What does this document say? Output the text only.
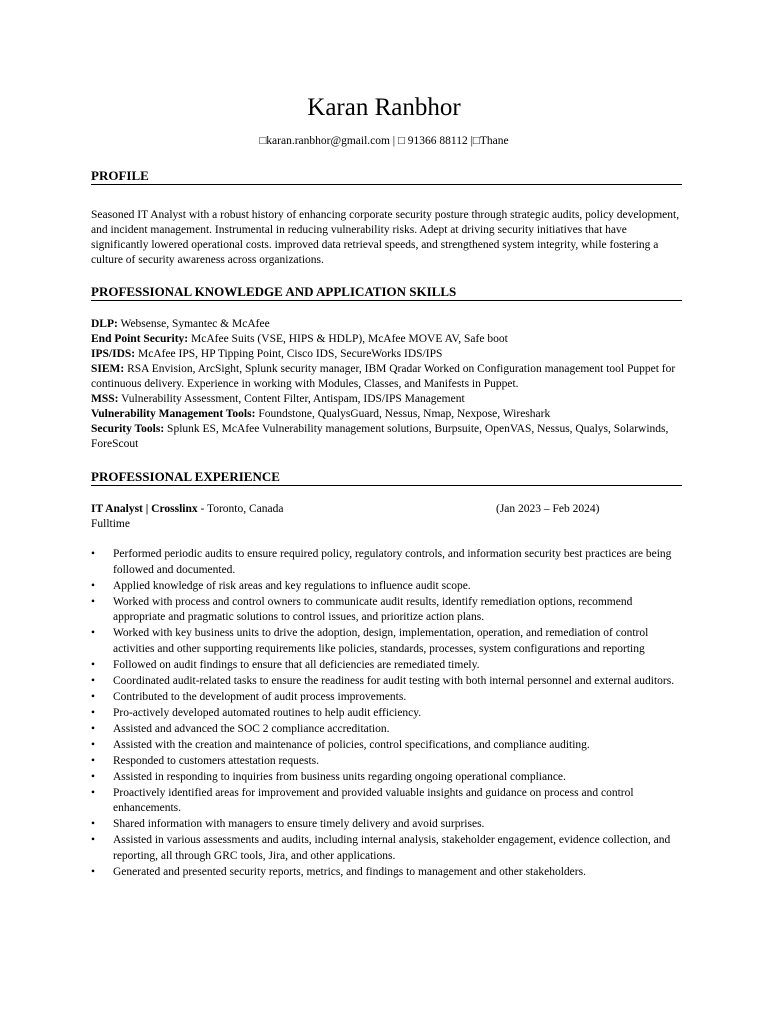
Karan Ranbhor
□karan.ranbhor@gmail.com | □ 91366 88112 |□Thane
PROFILE
Seasoned IT Analyst with a robust history of enhancing corporate security posture through strategic audits, policy development, and incident management. Instrumental in reducing vulnerability risks. Adept at driving security initiatives that have significantly lowered operational costs. improved data retrieval speeds, and strengthened system integrity, while fostering a culture of security awareness across organizations.
PROFESSIONAL KNOWLEDGE AND APPLICATION SKILLS
DLP: Websense, Symantec & McAfee
End Point Security: McAfee Suits (VSE, HIPS & HDLP), McAfee MOVE AV, Safe boot
IPS/IDS: McAfee IPS, HP Tipping Point, Cisco IDS, SecureWorks IDS/IPS
SIEM: RSA Envision, ArcSight, Splunk security manager, IBM Qradar Worked on Configuration management tool Puppet for continuous delivery. Experience in working with Modules, Classes, and Manifests in Puppet.
MSS: Vulnerability Assessment, Content Filter, Antispam, IDS/IPS Management
Vulnerability Management Tools: Foundstone, QualysGuard, Nessus, Nmap, Nexpose, Wireshark
Security Tools: Splunk ES, McAfee Vulnerability management solutions, Burpsuite, OpenVAS, Nessus, Qualys, Solarwinds, ForeScout
PROFESSIONAL EXPERIENCE
IT Analyst | Crosslinx - Toronto, Canada	(Jan 2023 – Feb 2024)
Fulltime
• Performed periodic audits to ensure required policy, regulatory controls, and information security best practices are being followed and documented.
• Applied knowledge of risk areas and key regulations to influence audit scope.
• Worked with process and control owners to communicate audit results, identify remediation options, recommend appropriate and pragmatic solutions to control issues, and prioritize action plans.
• Worked with key business units to drive the adoption, design, implementation, operation, and remediation of control activities and other supporting requirements like policies, standards, processes, system configurations and reporting
• Followed on audit findings to ensure that all deficiencies are remediated timely.
• Coordinated audit-related tasks to ensure the readiness for audit testing with both internal personnel and external auditors.
• Contributed to the development of audit process improvements.
• Pro-actively developed automated routines to help audit efficiency.
• Assisted and advanced the SOC 2 compliance accreditation.
• Assisted with the creation and maintenance of policies, control specifications, and compliance auditing.
• Responded to customers attestation requests.
• Assisted in responding to inquiries from business units regarding ongoing operational compliance.
• Proactively identified areas for improvement and provided valuable insights and guidance on process and control enhancements.
• Shared information with managers to ensure timely delivery and avoid surprises.
• Assisted in various assessments and audits, including internal analysis, stakeholder engagement, evidence collection, and reporting, all through GRC tools, Jira, and other applications.
• Generated and presented security reports, metrics, and findings to management and other stakeholders.
